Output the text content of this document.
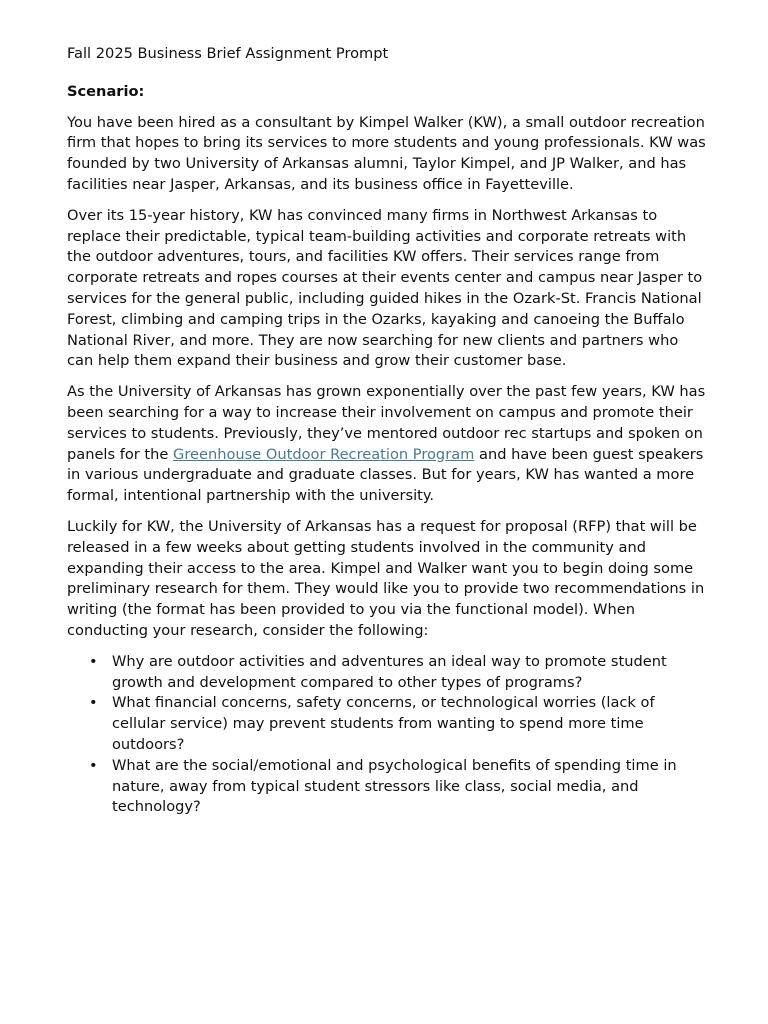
Fall 2025 Business Brief Assignment Prompt
Scenario:

You have been hired as a consultant by Kimpel Walker (KW), a small outdoor recreation firm that hopes to bring its services to more students and young professionals. KW was founded by two University of Arkansas alumni, Taylor Kimpel, and JP Walker, and has facilities near Jasper, Arkansas, and its business office in Fayetteville.

Over its 15-year history, KW has convinced many firms in Northwest Arkansas to replace their predictable, typical team-building activities and corporate retreats with the outdoor adventures, tours, and facilities KW offers. Their services range from corporate retreats and ropes courses at their events center and campus near Jasper to services for the general public, including guided hikes in the Ozark-St. Francis National Forest, climbing and camping trips in the Ozarks, kayaking and canoeing the Buffalo National River, and more. They are now searching for new clients and partners who can help them expand their business and grow their customer base.

As the University of Arkansas has grown exponentially over the past few years, KW has been searching for a way to increase their involvement on campus and promote their services to students. Previously, they’ve mentored outdoor rec startups and spoken on panels for the Greenhouse Outdoor Recreation Program and have been guest speakers in various undergraduate and graduate classes. But for years, KW has wanted a more formal, intentional partnership with the university.

Luckily for KW, the University of Arkansas has a request for proposal (RFP) that will be released in a few weeks about getting students involved in the community and expanding their access to the area. Kimpel and Walker want you to begin doing some preliminary research for them. They would like you to provide two recommendations in writing (the format has been provided to you via the functional model). When conducting your research, consider the following:

• Why are outdoor activities and adventures an ideal way to promote student growth and development compared to other types of programs?
• What financial concerns, safety concerns, or technological worries (lack of cellular service) may prevent students from wanting to spend more time outdoors?
• What are the social/emotional and psychological benefits of spending time in nature, away from typical student stressors like class, social media, and technology?
